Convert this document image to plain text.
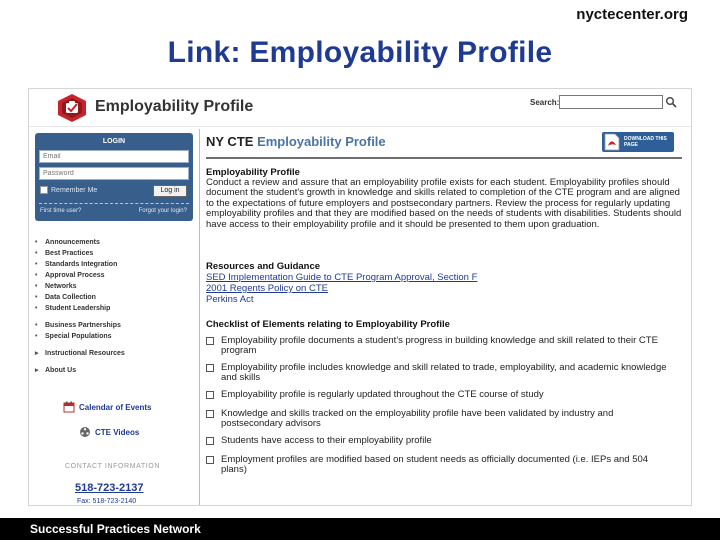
nyctecenter.org
Link: Employability Profile
Employability Profile	Search:
LOGIN
Email
Password
Remember Me	Log in
First time user?	Forgot your login?
• Announcements
• Best Practices
• Standards Integration
• Approval Process
• Networks
• Data Collection
• Student Leadership
• Business Partnerships
• Special Populations
▸ Instructional Resources
▸ About Us
Calendar of Events
CTE Videos
CONTACT INFORMATION
518-723-2137
Fax: 518-723-2140
NY CTE Employability Profile	DOWNLOAD THIS PAGE
Employability Profile
Conduct a review and assure that an employability profile exists for each student. Employability profiles should document the student's growth in knowledge and skills related to completion of the CTE program and are aligned to the expectations of future employers and postsecondary partners. Review the process for regularly updating employability profiles and that they are modified based on the needs of students with disabilities. Students should have access to their employability profile and it should be presented to them upon graduation.
Resources and Guidance
SED Implementation Guide to CTE Program Approval, Section F
2001 Regents Policy on CTE
Perkins Act
Checklist of Elements relating to Employability Profile
Employability profile documents a student's progress in building knowledge and skill related to their CTE program
Employability profile includes knowledge and skill related to trade, employability, and academic knowledge and skills
Employability profile is regularly updated throughout the CTE course of study
Knowledge and skills tracked on the employability profile have been validated by industry and postsecondary advisors
Students have access to their employability profile
Employment profiles are modified based on student needs as officially documented (i.e. IEPs and 504 plans)
Successful Practices Network
